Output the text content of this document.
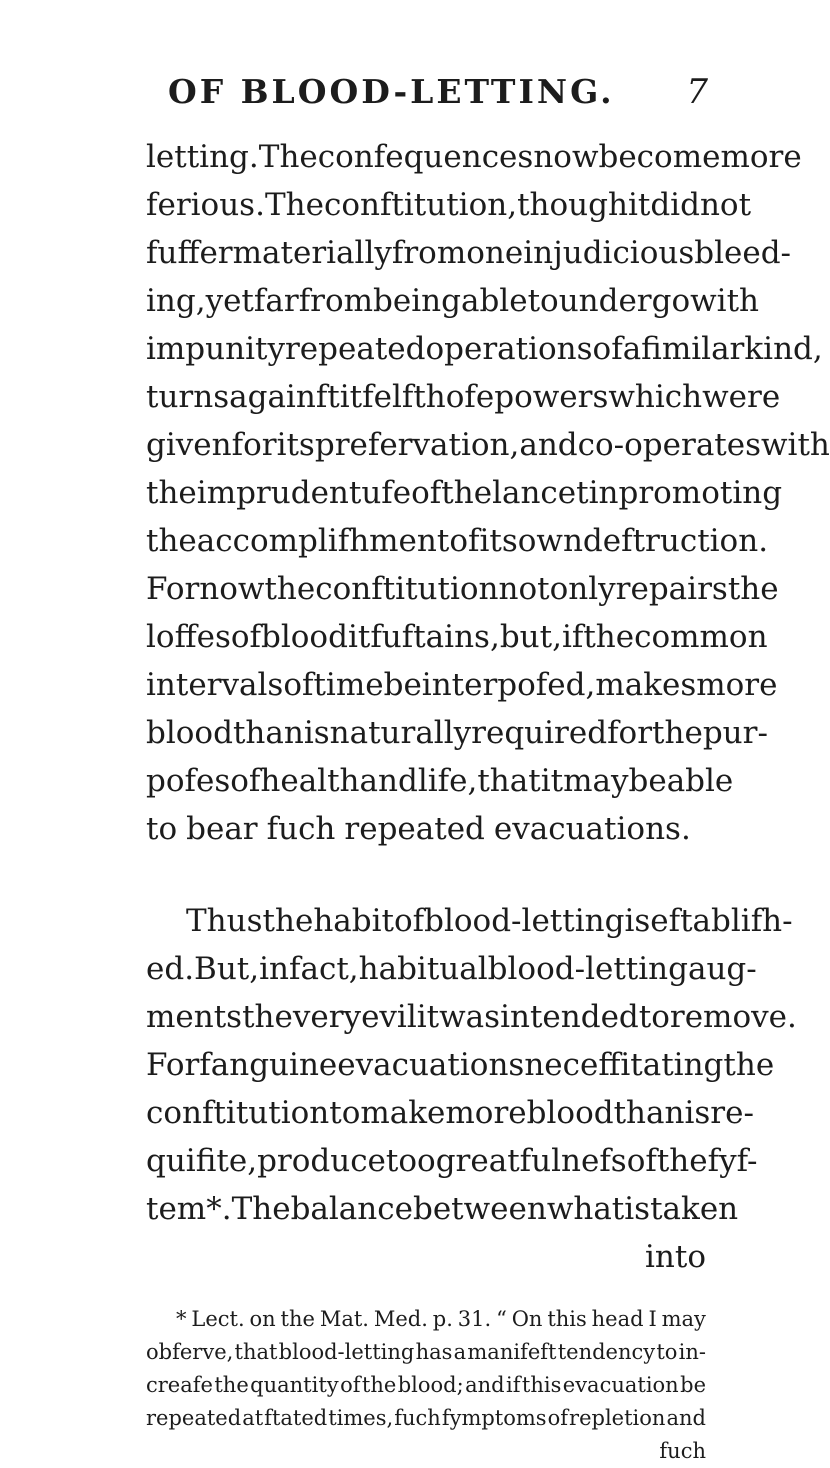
OF BLOOD-LETTING. 7
letting. The confequences now become more
ferious. The conftitution, though it did not
fuffer materially from one injudicious bleed-
ing, yet far from being able to undergo with
impunity repeated operations of a fimilar kind,
turns againft itfelf thofe powers which were
given for its prefervation, and co-operates with
the imprudent ufe of the lancet in promoting
the accomplifhment of its own deftruction.
For now the conftitution not only repairs the
loffes of blood it fuftains, but, if the common
intervals of time be interpofed, makes more
blood than is naturally required for the pur-
pofes of health and life, that it may be able
to bear fuch repeated evacuations.
Thus the habit of blood-letting is eftablifh-
ed. But, in fact, habitual blood-letting aug-
ments the very evil it was intended to remove.
For fanguine evacuations neceffitating the
conftitution to make more blood than is re-
quifite, produce too great fulnefs of the fyf-
tem *. The balance between what is taken
into
* Lect. on the Mat. Med. p. 31. “ On this head I may
obferve, that blood-letting has a manifeft tendency to in-
creafe the quantity of the blood; and if this evacuation be
repeated at ftated times, fuch fymptoms of repletion and
fuch
